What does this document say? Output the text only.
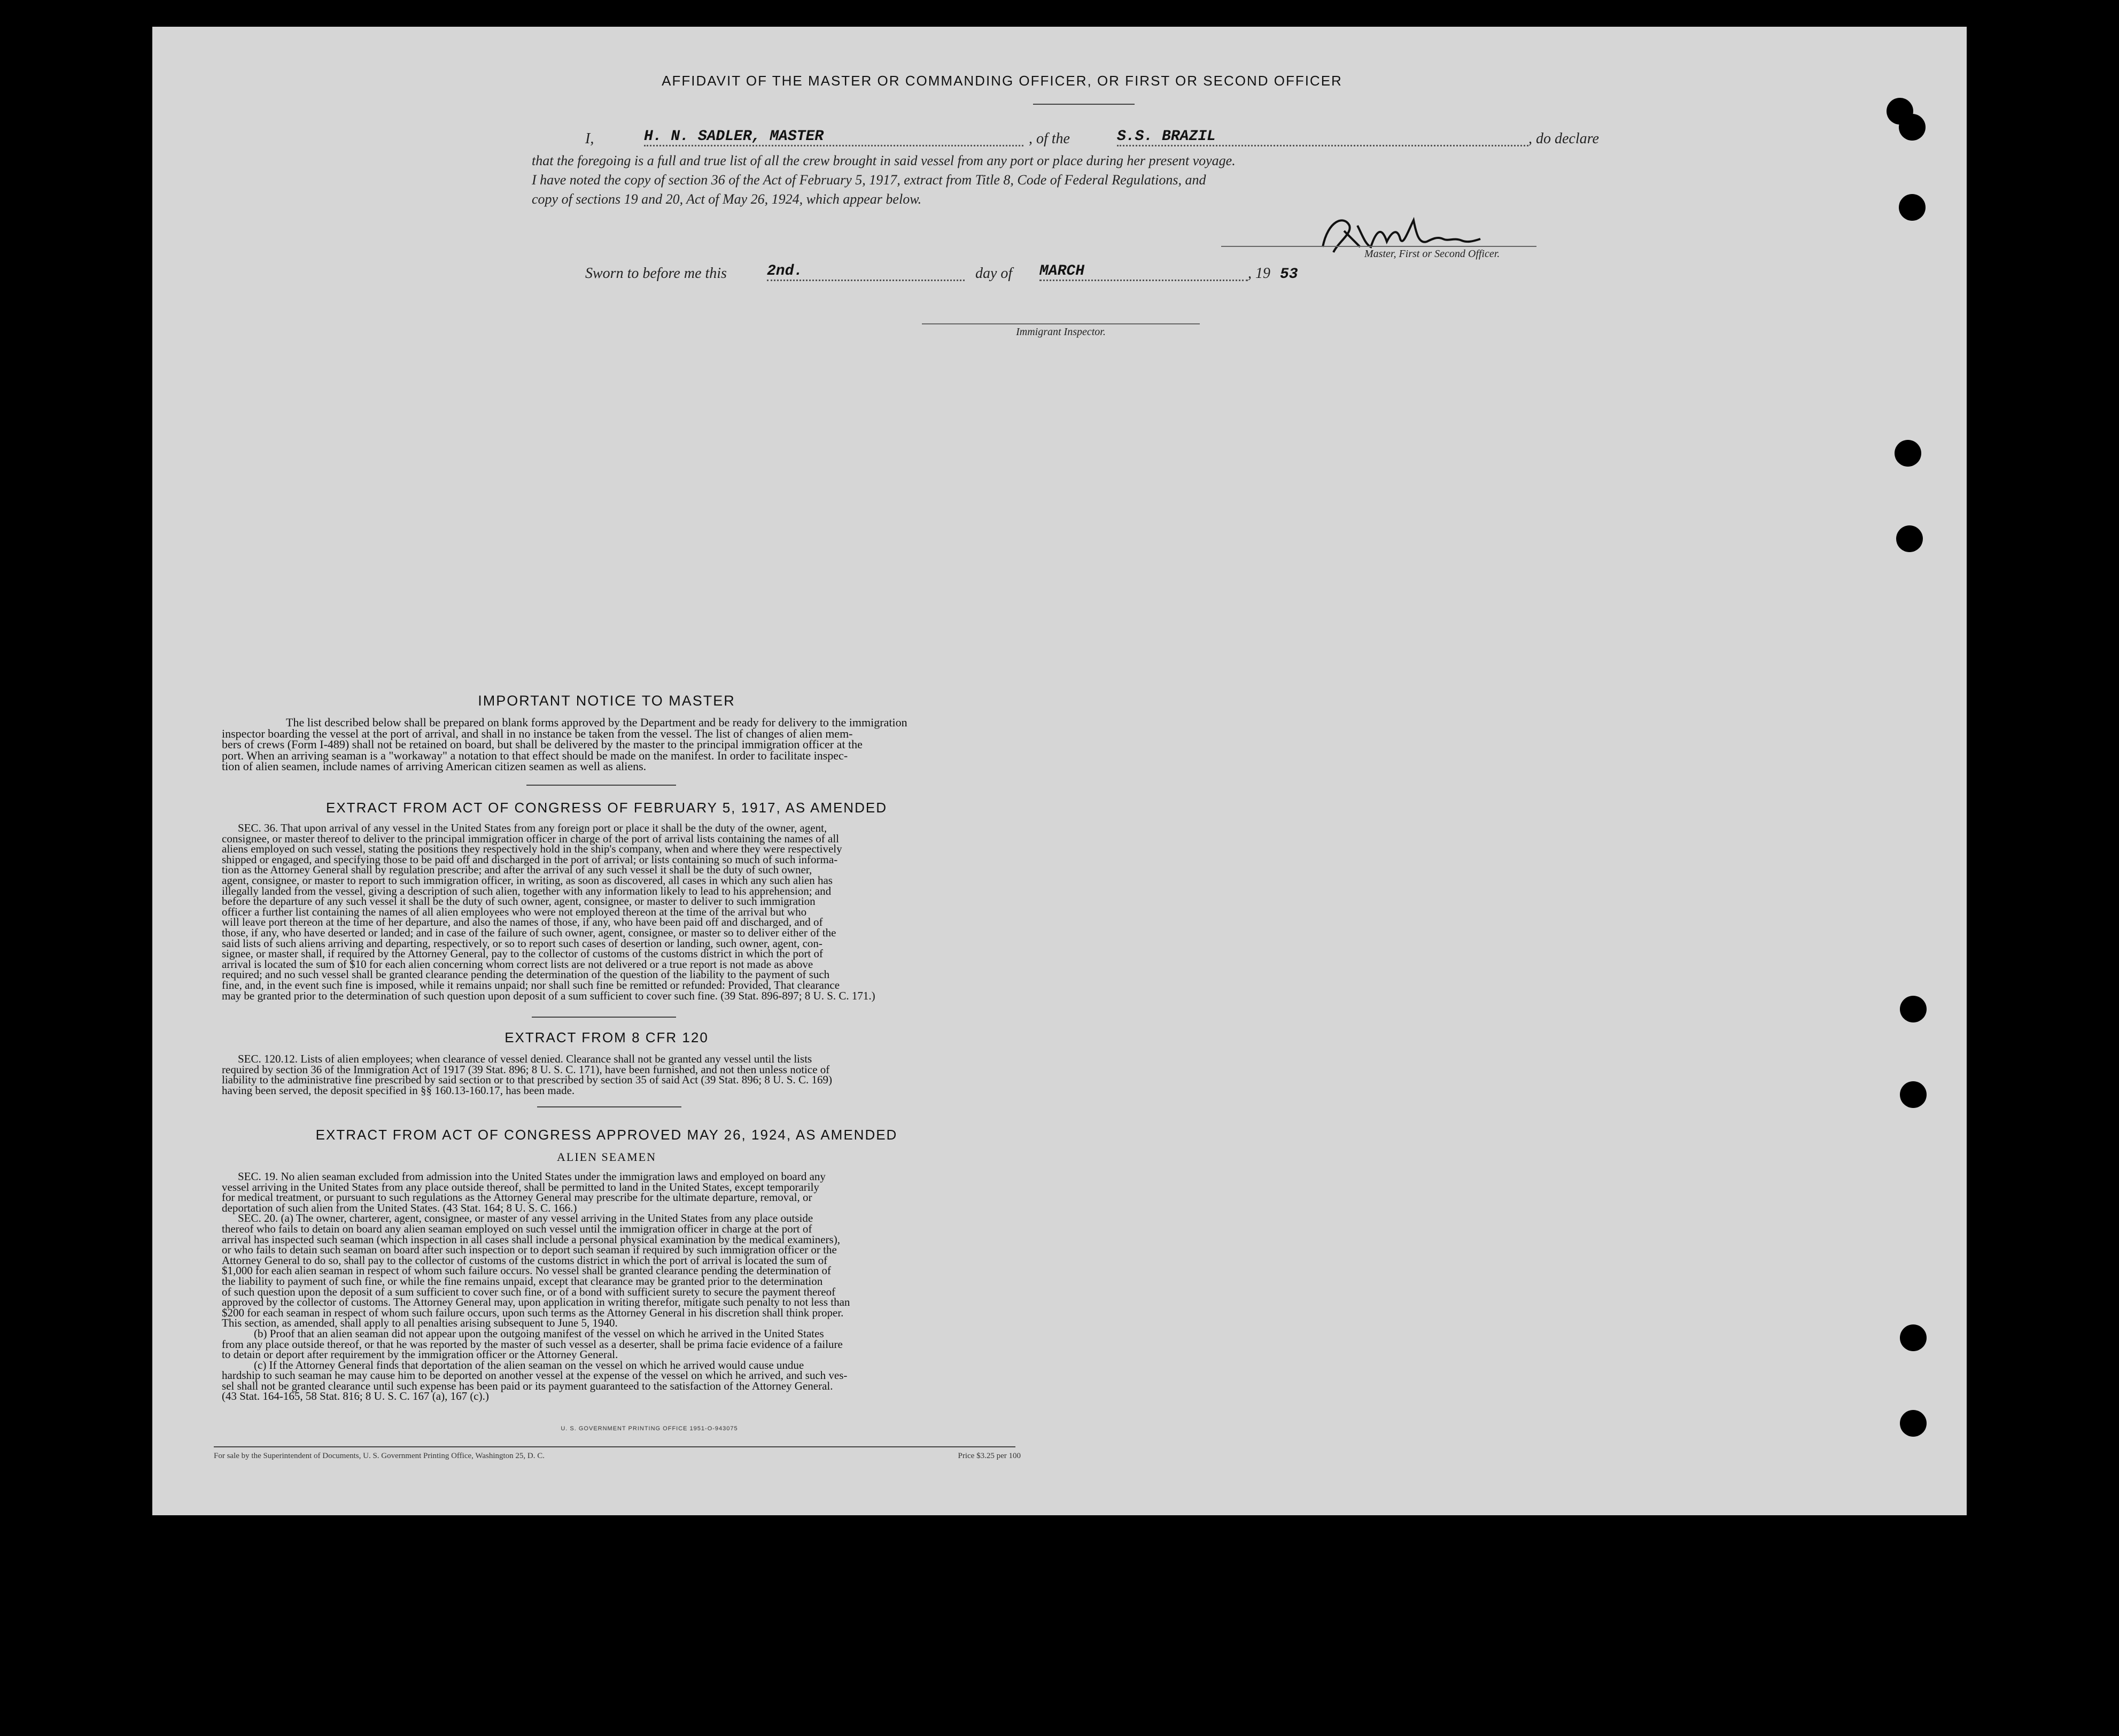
AFFIDAVIT OF THE MASTER OR COMMANDING OFFICER, OR FIRST OR SECOND OFFICER
I,	H. N. SADLER, MASTER	, of the	S.S. BRAZIL	, do declare
that the foregoing is a full and true list of all the crew brought in said vessel from any port or place during her present voyage.
I have noted the copy of section 36 of the Act of February 5, 1917, extract from Title 8, Code of Federal Regulations, and
copy of sections 19 and 20, Act of May 26, 1924, which appear below.
Master, First or Second Officer.
Sworn to before me this	2nd.	day of MARCH	, 19 53
Immigrant Inspector.
IMPORTANT NOTICE TO MASTER

The list described below shall be prepared on blank forms approved by the Department and be ready for delivery to the immigration

inspector boarding the vessel at the port of arrival, and shall in no instance be taken from the vessel. The list of changes of alien mem-

bers of crews (Form I-489) shall not be retained on board, but shall be delivered by the master to the principal immigration officer at the

port. When an arriving seaman is a "workaway" a notation to that effect should be made on the manifest. In order to facilitate inspec-

tion of alien seamen, include names of arriving American citizen seamen as well as aliens.

EXTRACT FROM ACT OF CONGRESS OF FEBRUARY 5, 1917, AS AMENDED

SEC. 36. That upon arrival of any vessel in the United States from any foreign port or place it shall be the duty of the owner, agent,

consignee, or master thereof to deliver to the principal immigration officer in charge of the port of arrival lists containing the names of all

aliens employed on such vessel, stating the positions they respectively hold in the ship's company, when and where they were respectively

shipped or engaged, and specifying those to be paid off and discharged in the port of arrival; or lists containing so much of such informa-

tion as the Attorney General shall by regulation prescribe; and after the arrival of any such vessel it shall be the duty of such owner,

agent, consignee, or master to report to such immigration officer, in writing, as soon as discovered, all cases in which any such alien has

illegally landed from the vessel, giving a description of such alien, together with any information likely to lead to his apprehension; and

before the departure of any such vessel it shall be the duty of such owner, agent, consignee, or master to deliver to such immigration

officer a further list containing the names of all alien employees who were not employed thereon at the time of the arrival but who

will leave port thereon at the time of her departure, and also the names of those, if any, who have been paid off and discharged, and of

those, if any, who have deserted or landed; and in case of the failure of such owner, agent, consignee, or master so to deliver either of the

said lists of such aliens arriving and departing, respectively, or so to report such cases of desertion or landing, such owner, agent, con-

signee, or master shall, if required by the Attorney General, pay to the collector of customs of the customs district in which the port of

arrival is located the sum of $10 for each alien concerning whom correct lists are not delivered or a true report is not made as above

required; and no such vessel shall be granted clearance pending the determination of the question of the liability to the payment of such

fine, and, in the event such fine is imposed, while it remains unpaid; nor shall such fine be remitted or refunded: Provided, That clearance

may be granted prior to the determination of such question upon deposit of a sum sufficient to cover such fine. (39 Stat. 896-897; 8 U. S. C. 171.)

EXTRACT FROM 8 CFR 120

SEC. 120.12. Lists of alien employees; when clearance of vessel denied. Clearance shall not be granted any vessel until the lists

required by section 36 of the Immigration Act of 1917 (39 Stat. 896; 8 U. S. C. 171), have been furnished, and not then unless notice of

liability to the administrative fine prescribed by said section or to that prescribed by section 35 of said Act (39 Stat. 896; 8 U. S. C. 169)

having been served, the deposit specified in §§ 160.13-160.17, has been made.

EXTRACT FROM ACT OF CONGRESS APPROVED MAY 26, 1924, AS AMENDED
ALIEN SEAMEN

SEC. 19. No alien seaman excluded from admission into the United States under the immigration laws and employed on board any

vessel arriving in the United States from any place outside thereof, shall be permitted to land in the United States, except temporarily

for medical treatment, or pursuant to such regulations as the Attorney General may prescribe for the ultimate departure, removal, or

deportation of such alien from the United States. (43 Stat. 164; 8 U. S. C. 166.)

SEC. 20. (a) The owner, charterer, agent, consignee, or master of any vessel arriving in the United States from any place outside

thereof who fails to detain on board any alien seaman employed on such vessel until the immigration officer in charge at the port of

arrival has inspected such seaman (which inspection in all cases shall include a personal physical examination by the medical examiners),

or who fails to detain such seaman on board after such inspection or to deport such seaman if required by such immigration officer or the

Attorney General to do so, shall pay to the collector of customs of the customs district in which the port of arrival is located the sum of

$1,000 for each alien seaman in respect of whom such failure occurs. No vessel shall be granted clearance pending the determination of

the liability to payment of such fine, or while the fine remains unpaid, except that clearance may be granted prior to the determination

of such question upon the deposit of a sum sufficient to cover such fine, or of a bond with sufficient surety to secure the payment thereof

approved by the collector of customs. The Attorney General may, upon application in writing therefor, mitigate such penalty to not less than

$200 for each seaman in respect of whom such failure occurs, upon such terms as the Attorney General in his discretion shall think proper.

This section, as amended, shall apply to all penalties arising subsequent to June 5, 1940.

(b) Proof that an alien seaman did not appear upon the outgoing manifest of the vessel on which he arrived in the United States

from any place outside thereof, or that he was reported by the master of such vessel as a deserter, shall be prima facie evidence of a failure

to detain or deport after requirement by the immigration officer or the Attorney General.

(c) If the Attorney General finds that deportation of the alien seaman on the vessel on which he arrived would cause undue

hardship to such seaman he may cause him to be deported on another vessel at the expense of the vessel on which he arrived, and such ves-

sel shall not be granted clearance until such expense has been paid or its payment guaranteed to the satisfaction of the Attorney General.

(43 Stat. 164-165, 58 Stat. 816; 8 U. S. C. 167 (a), 167 (c).)

U. S. GOVERNMENT PRINTING OFFICE 1951-O-943075
For sale by the Superintendent of Documents, U. S. Government Printing Office, Washington 25, D. C.	Price $3.25 per 100
